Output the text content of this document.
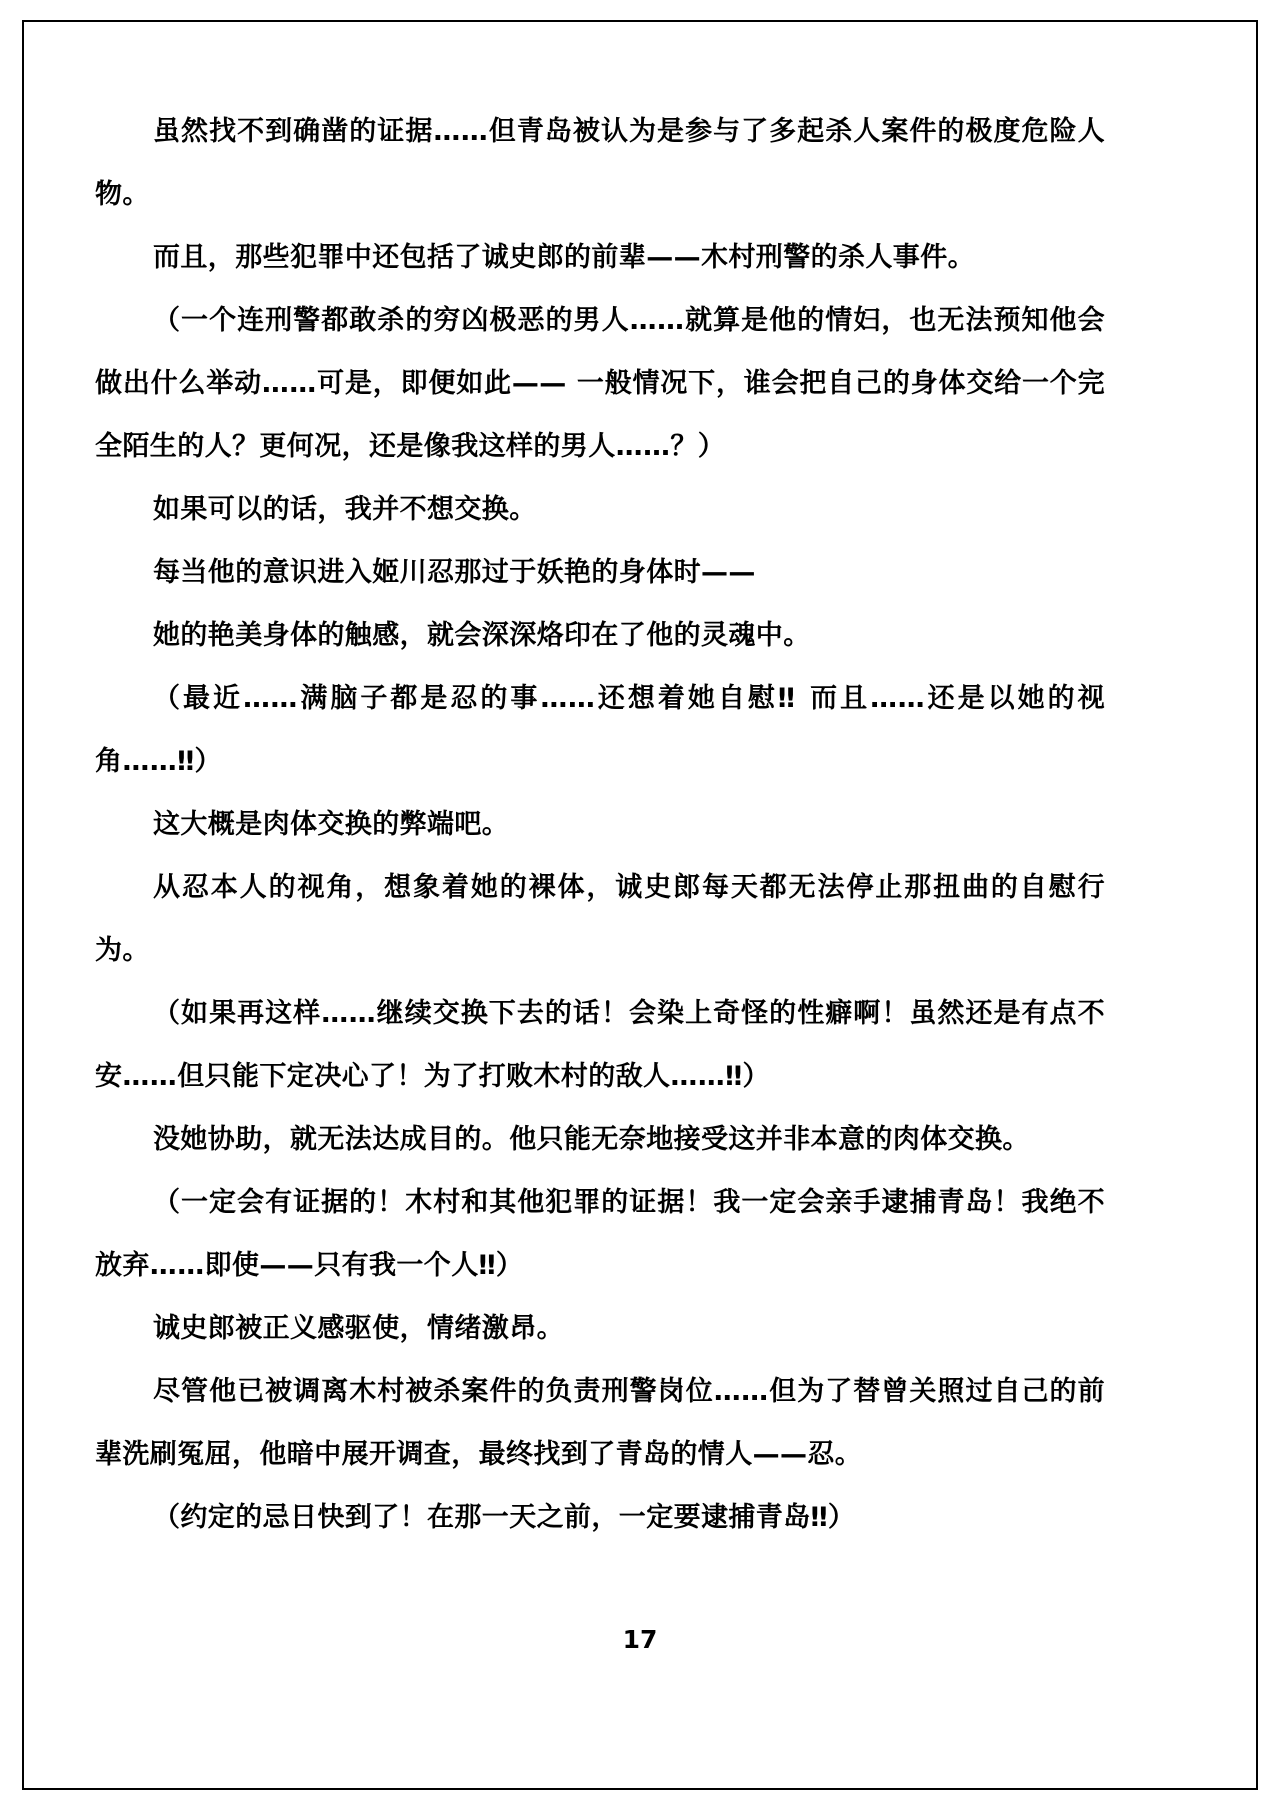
虽然找不到确凿的证据……但青岛被认为是参与了多起杀人案件的极度危险人物。

而且，那些犯罪中还包括了诚史郎的前辈——木村刑警的杀人事件。

（一个连刑警都敢杀的穷凶极恶的男人……就算是他的情妇，也无法预知他会做出什么举动……可是，即便如此—— 一般情况下，谁会把自己的身体交给一个完全陌生的人？更何况，还是像我这样的男人……？）

如果可以的话，我并不想交换。

每当他的意识进入姬川忍那过于妖艳的身体时——

她的艳美身体的触感，就会深深烙印在了他的灵魂中。

（最近……满脑子都是忍的事……还想着她自慰‼ 而且……还是以她的视角……‼）

这大概是肉体交换的弊端吧。

从忍本人的视角，想象着她的裸体，诚史郎每天都无法停止那扭曲的自慰行为。

（如果再这样……继续交换下去的话！会染上奇怪的性癖啊！虽然还是有点不安……但只能下定决心了！为了打败木村的敌人……‼）

没她协助，就无法达成目的。他只能无奈地接受这并非本意的肉体交换。

（一定会有证据的！木村和其他犯罪的证据！我一定会亲手逮捕青岛！我绝不放弃……即使——只有我一个人‼）

诚史郎被正义感驱使，情绪激昂。

尽管他已被调离木村被杀案件的负责刑警岗位……但为了替曾关照过自己的前辈洗刷冤屈，他暗中展开调查，最终找到了青岛的情人——忍。

（约定的忌日快到了！在那一天之前，一定要逮捕青岛‼）

17
